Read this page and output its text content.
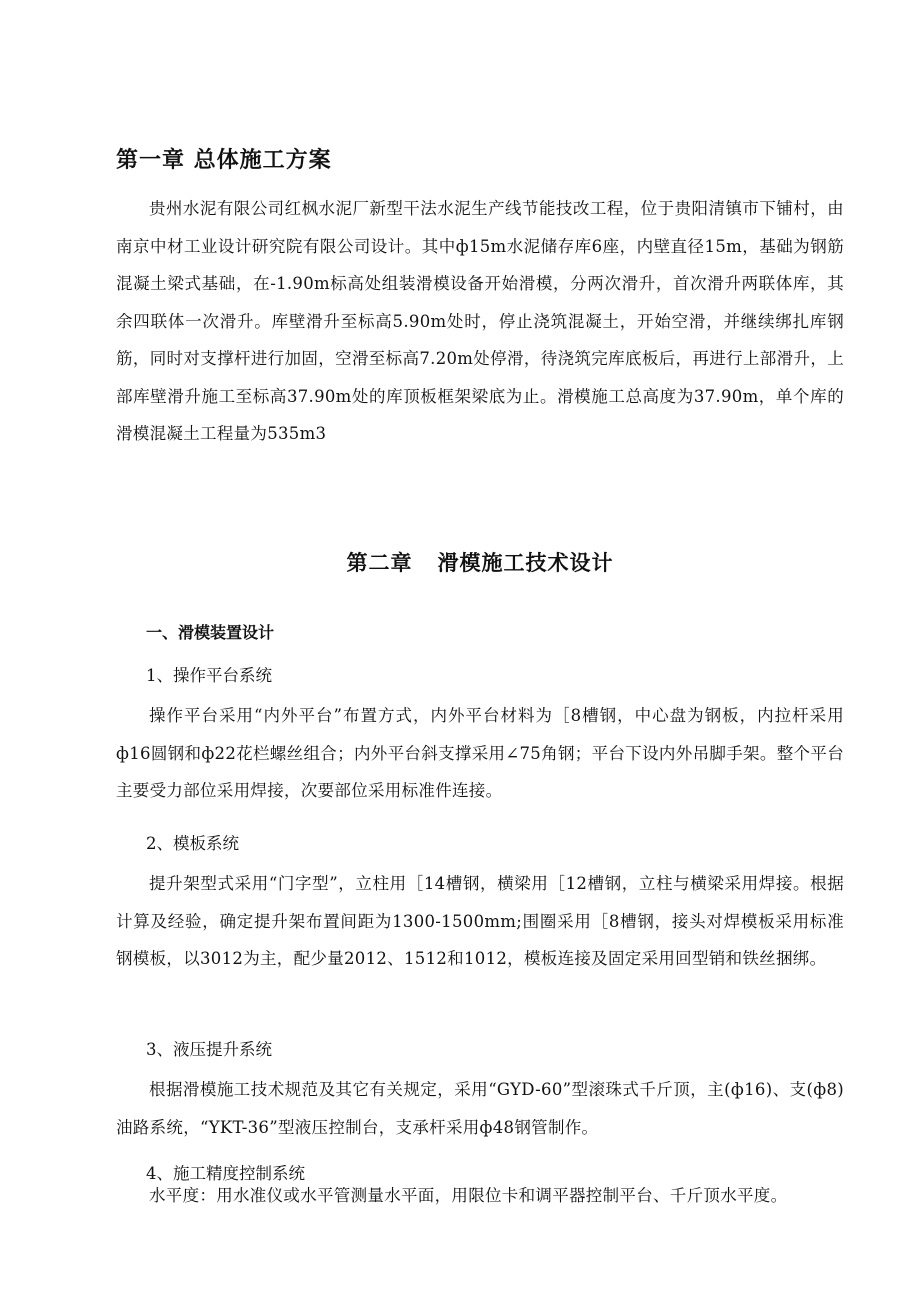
第一章 总体施工方案
贵州水泥有限公司红枫水泥厂新型干法水泥生产线节能技改工程，位于贵阳清镇市下铺村，由南京中材工业设计研究院有限公司设计。其中ф15m水泥储存库6座，内壁直径15m，基础为钢筋混凝土梁式基础，在-1.90m标高处组装滑模设备开始滑模，分两次滑升，首次滑升两联体库，其余四联体一次滑升。库壁滑升至标高5.90m处时，停止浇筑混凝土，开始空滑，并继续绑扎库钢筋，同时对支撑杆进行加固，空滑至标高7.20m处停滑，待浇筑完库底板后，再进行上部滑升，上部库壁滑升施工至标高37.90m处的库顶板框架梁底为止。滑模施工总高度为37.90m，单个库的滑模混凝土工程量为535m3
第二章   滑模施工技术设计
一、滑模装置设计
1、操作平台系统
操作平台采用“内外平台”布置方式，内外平台材料为［8槽钢，中心盘为钢板，内拉杆采用ф16圆钢和ф22花栏螺丝组合；内外平台斜支撑采用∠75角钢；平台下设内外吊脚手架。整个平台主要受力部位采用焊接，次要部位采用标准件连接。
2、模板系统
提升架型式采用“门字型”，立柱用［14槽钢，横梁用［12槽钢，立柱与横梁采用焊接。根据计算及经验，确定提升架布置间距为1300-1500mm;围圈采用［8槽钢，接头对焊模板采用标准钢模板，以3012为主，配少量2012、1512和1012，模板连接及固定采用回型销和铁丝捆绑。
3、液压提升系统
根据滑模施工技术规范及其它有关规定，采用“GYD-60”型滚珠式千斤顶，主(ф16)、支(ф8)油路系统，“YKT-36”型液压控制台，支承杆采用ф48钢管制作。
4、施工精度控制系统
水平度：用水准仪或水平管测量水平面，用限位卡和调平器控制平台、千斤顶水平度。
